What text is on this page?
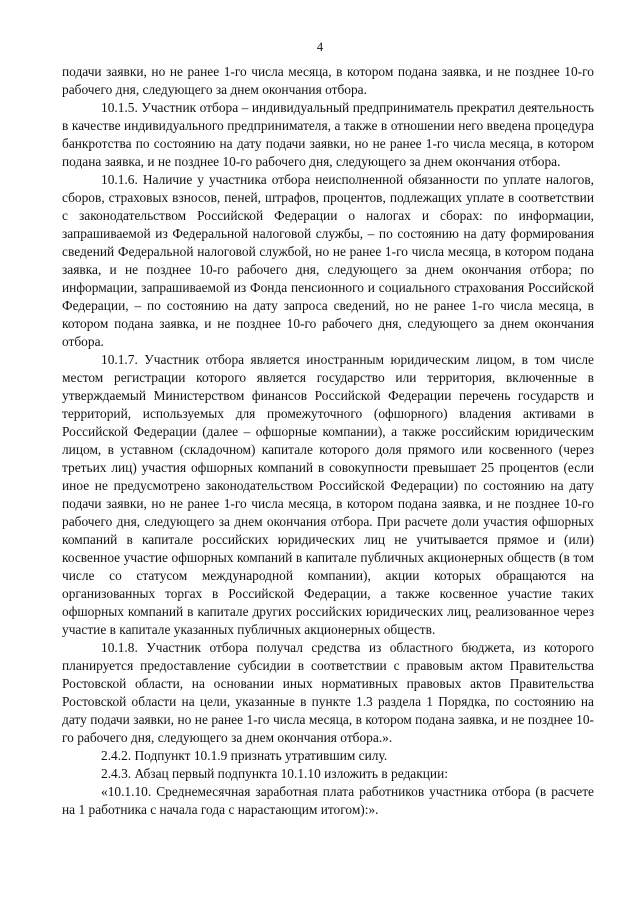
4

подачи заявки, но не ранее 1-го числа месяца, в котором подана заявка, и не позднее 10-го рабочего дня, следующего за днем окончания отбора.

10.1.5. Участник отбора – индивидуальный предприниматель прекратил деятельность в качестве индивидуального предпринимателя, а также в отношении него введена процедура банкротства по состоянию на дату подачи заявки, но не ранее 1-го числа месяца, в котором подана заявка, и не позднее 10-го рабочего дня, следующего за днем окончания отбора.

10.1.6. Наличие у участника отбора неисполненной обязанности по уплате налогов, сборов, страховых взносов, пеней, штрафов, процентов, подлежащих уплате в соответствии с законодательством Российской Федерации о налогах и сборах: по информации, запрашиваемой из Федеральной налоговой службы, – по состоянию на дату формирования сведений Федеральной налоговой службой, но не ранее 1-го числа месяца, в котором подана заявка, и не позднее 10-го рабочего дня, следующего за днем окончания отбора; по информации, запрашиваемой из Фонда пенсионного и социального страхования Российской Федерации, – по состоянию на дату запроса сведений, но не ранее 1-го числа месяца, в котором подана заявка, и не позднее 10-го рабочего дня, следующего за днем окончания отбора.

10.1.7. Участник отбора является иностранным юридическим лицом, в том числе местом регистрации которого является государство или территория, включенные в утверждаемый Министерством финансов Российской Федерации перечень государств и территорий, используемых для промежуточного (офшорного) владения активами в Российской Федерации (далее – офшорные компании), а также российским юридическим лицом, в уставном (складочном) капитале которого доля прямого или косвенного (через третьих лиц) участия офшорных компаний в совокупности превышает 25 процентов (если иное не предусмотрено законодательством Российской Федерации) по состоянию на дату подачи заявки, но не ранее 1-го числа месяца, в котором подана заявка, и не позднее 10-го рабочего дня, следующего за днем окончания отбора. При расчете доли участия офшорных компаний в капитале российских юридических лиц не учитывается прямое и (или) косвенное участие офшорных компаний в капитале публичных акционерных обществ (в том числе со статусом международной компании), акции которых обращаются на организованных торгах в Российской Федерации, а также косвенное участие таких офшорных компаний в капитале других российских юридических лиц, реализованное через участие в капитале указанных публичных акционерных обществ.

10.1.8. Участник отбора получал средства из областного бюджета, из которого планируется предоставление субсидии в соответствии с правовым актом Правительства Ростовской области, на основании иных нормативных правовых актов Правительства Ростовской области на цели, указанные в пункте 1.3 раздела 1 Порядка, по состоянию на дату подачи заявки, но не ранее 1-го числа месяца, в котором подана заявка, и не позднее 10-го рабочего дня, следующего за днем окончания отбора.».

2.4.2. Подпункт 10.1.9 признать утратившим силу.

2.4.3. Абзац первый подпункта 10.1.10 изложить в редакции:

«10.1.10. Среднемесячная заработная плата работников участника отбора (в расчете на 1 работника с начала года с нарастающим итогом):».
